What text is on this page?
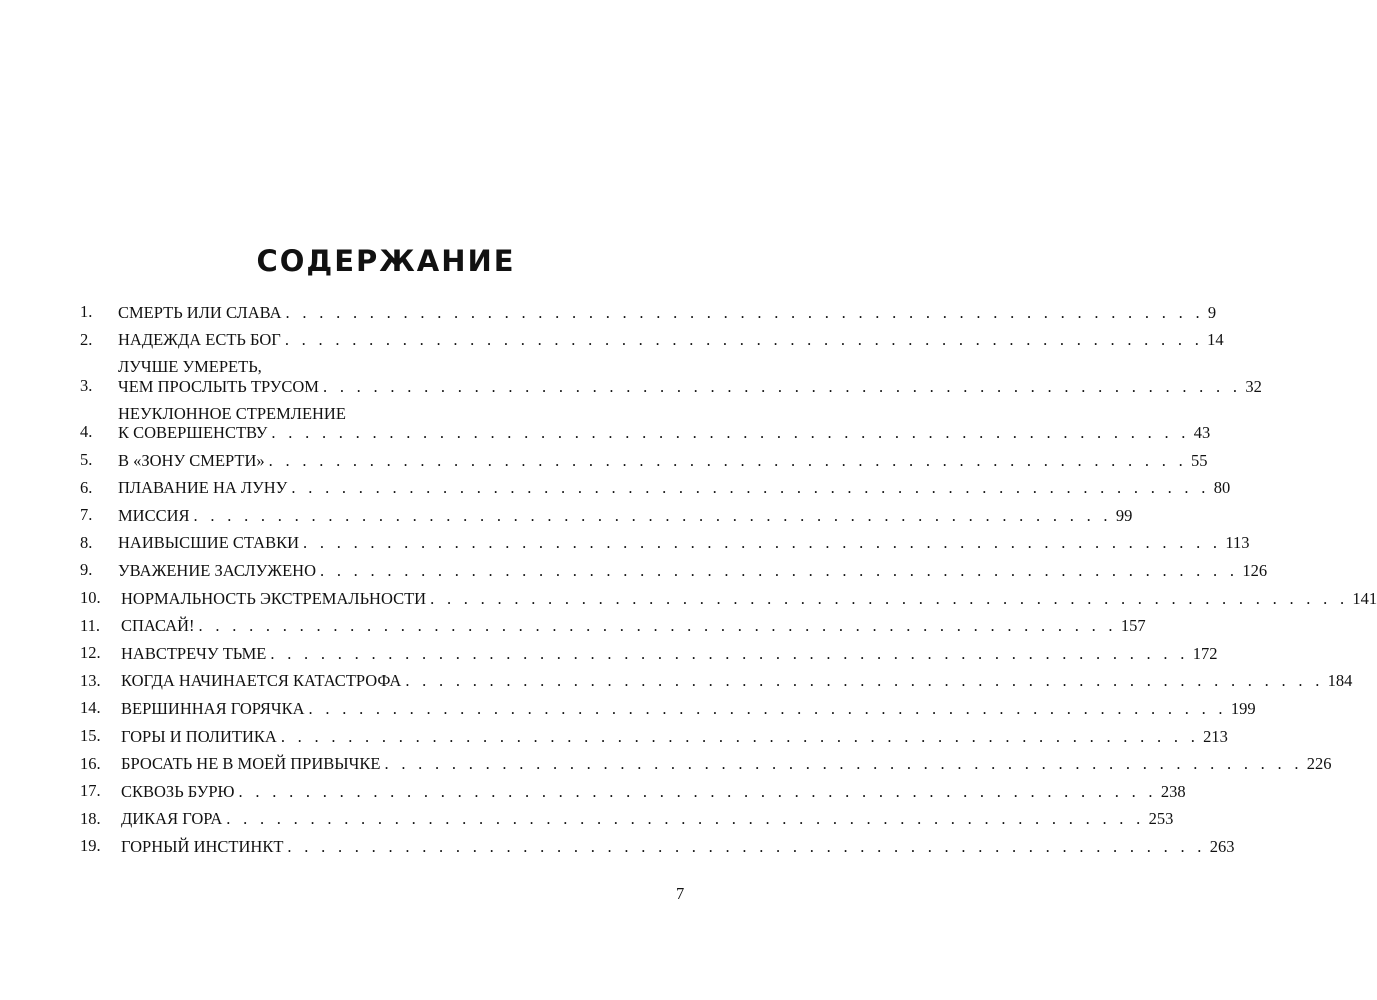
СОДЕРЖАНИЕ
1.	СМЕРТЬ ИЛИ СЛАВА . . . . . . . . . . . . . . . . . . . . . . . . . . . . . . . . . . . . . . . . . . . . . . . . . . . . . . . 9
2.	НАДЕЖДА ЕСТЬ БОГ . . . . . . . . . . . . . . . . . . . . . . . . . . . . . . . . . . . . . . . . . . . . . . . . . . . . . . . 14
3.
ЛУЧШЕ УМЕРЕТЬ,
ЧЕМ ПРОСЛЫТЬ ТРУСОМ . . . . . . . . . . . . . . . . . . . . . . . . . . . . . . . . . . . . . . . . . . . . . . . . . . . . . . . 32
4.
НЕУКЛОННОЕ СТРЕМЛЕНИЕ
К СОВЕРШЕНСТВУ . . . . . . . . . . . . . . . . . . . . . . . . . . . . . . . . . . . . . . . . . . . . . . . . . . . . . . . 43
5.	В «ЗОНУ СМЕРТИ» . . . . . . . . . . . . . . . . . . . . . . . . . . . . . . . . . . . . . . . . . . . . . . . . . . . . . . . 55
6.	ПЛАВАНИЕ НА ЛУНУ . . . . . . . . . . . . . . . . . . . . . . . . . . . . . . . . . . . . . . . . . . . . . . . . . . . . . . . 80
7.	МИССИЯ . . . . . . . . . . . . . . . . . . . . . . . . . . . . . . . . . . . . . . . . . . . . . . . . . . . . . . . 99
8.	НАИВЫСШИЕ СТАВКИ . . . . . . . . . . . . . . . . . . . . . . . . . . . . . . . . . . . . . . . . . . . . . . . . . . . . . . . 113
9.	УВАЖЕНИЕ ЗАСЛУЖЕНО . . . . . . . . . . . . . . . . . . . . . . . . . . . . . . . . . . . . . . . . . . . . . . . . . . . . . . . 126
10.	НОРМАЛЬНОСТЬ ЭКСТРЕМАЛЬНОСТИ . . . . . . . . . . . . . . . . . . . . . . . . . . . . . . . . . . . . . . . . . . . . . . . . . . . . . . . 141
11.	СПАСАЙ! . . . . . . . . . . . . . . . . . . . . . . . . . . . . . . . . . . . . . . . . . . . . . . . . . . . . . . . 157
12.	НАВСТРЕЧУ ТЬМЕ . . . . . . . . . . . . . . . . . . . . . . . . . . . . . . . . . . . . . . . . . . . . . . . . . . . . . . . 172
13.	КОГДА НАЧИНАЕТСЯ КАТАСТРОФА . . . . . . . . . . . . . . . . . . . . . . . . . . . . . . . . . . . . . . . . . . . . . . . . . . . . . . . 184
14.	ВЕРШИННАЯ ГОРЯЧКА . . . . . . . . . . . . . . . . . . . . . . . . . . . . . . . . . . . . . . . . . . . . . . . . . . . . . . . 199
15.	ГОРЫ И ПОЛИТИКА . . . . . . . . . . . . . . . . . . . . . . . . . . . . . . . . . . . . . . . . . . . . . . . . . . . . . . . 213
16.	БРОСАТЬ НЕ В МОЕЙ ПРИВЫЧКЕ . . . . . . . . . . . . . . . . . . . . . . . . . . . . . . . . . . . . . . . . . . . . . . . . . . . . . . . 226
17.	СКВОЗЬ БУРЮ . . . . . . . . . . . . . . . . . . . . . . . . . . . . . . . . . . . . . . . . . . . . . . . . . . . . . . . 238
18.	ДИКАЯ ГОРА . . . . . . . . . . . . . . . . . . . . . . . . . . . . . . . . . . . . . . . . . . . . . . . . . . . . . . . 253
19.	ГОРНЫЙ ИНСТИНКТ . . . . . . . . . . . . . . . . . . . . . . . . . . . . . . . . . . . . . . . . . . . . . . . . . . . . . . . 263
7
